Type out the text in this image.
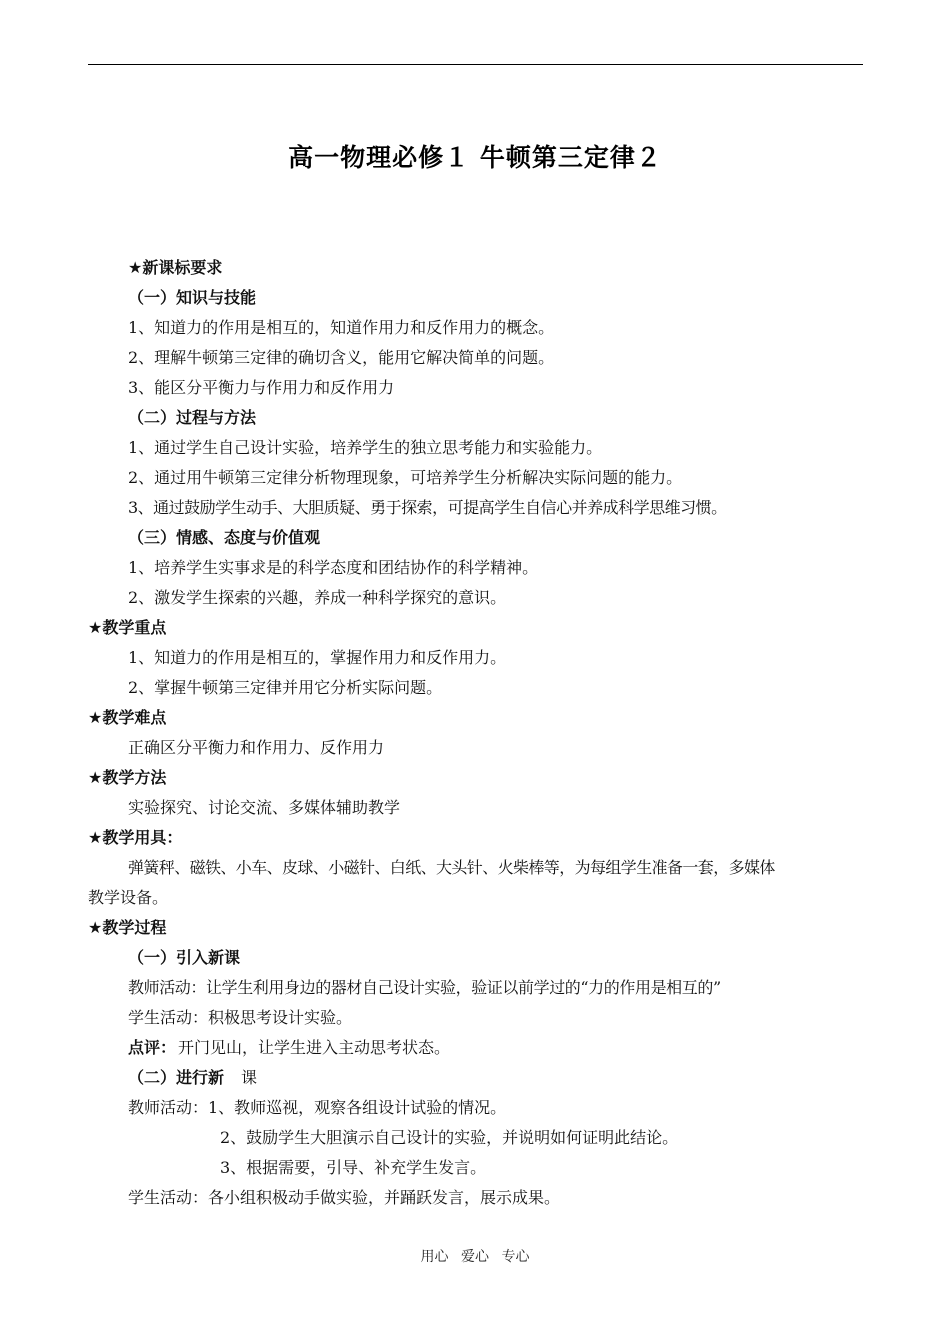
高一物理必修１ 牛顿第三定律２
★新课标要求
（一）知识与技能
1、知道力的作用是相互的，知道作用力和反作用力的概念。
2、理解牛顿第三定律的确切含义，能用它解决简单的问题。
3、能区分平衡力与作用力和反作用力
（二）过程与方法
1、通过学生自己设计实验，培养学生的独立思考能力和实验能力。
2、通过用牛顿第三定律分析物理现象，可培养学生分析解决实际问题的能力。
3、通过鼓励学生动手、大胆质疑、勇于探索，可提高学生自信心并养成科学思维习惯。
（三）情感、态度与价值观
1、培养学生实事求是的科学态度和团结协作的科学精神。
2、激发学生探索的兴趣，养成一种科学探究的意识。
★教学重点
1、知道力的作用是相互的，掌握作用力和反作用力。
2、掌握牛顿第三定律并用它分析实际问题。
★教学难点
正确区分平衡力和作用力、反作用力
★教学方法
实验探究、讨论交流、多媒体辅助教学
★教学用具：
弹簧秤、磁铁、小车、皮球、小磁针、白纸、大头针、火柴棒等，为每组学生准备一套，多媒体
教学设备。
★教学过程
（一）引入新课
教师活动：让学生利用身边的器材自己设计实验，验证以前学过的“力的作用是相互的”
学生活动：积极思考设计实验。
点评： 开门见山，让学生进入主动思考状态。
（二）进行新 课
教师活动：1、教师巡视，观察各组设计试验的情况。
2、鼓励学生大胆演示自己设计的实验，并说明如何证明此结论。
3、根据需要，引导、补充学生发言。
学生活动：各小组积极动手做实验，并踊跃发言，展示成果。
用心 爱心 专心
